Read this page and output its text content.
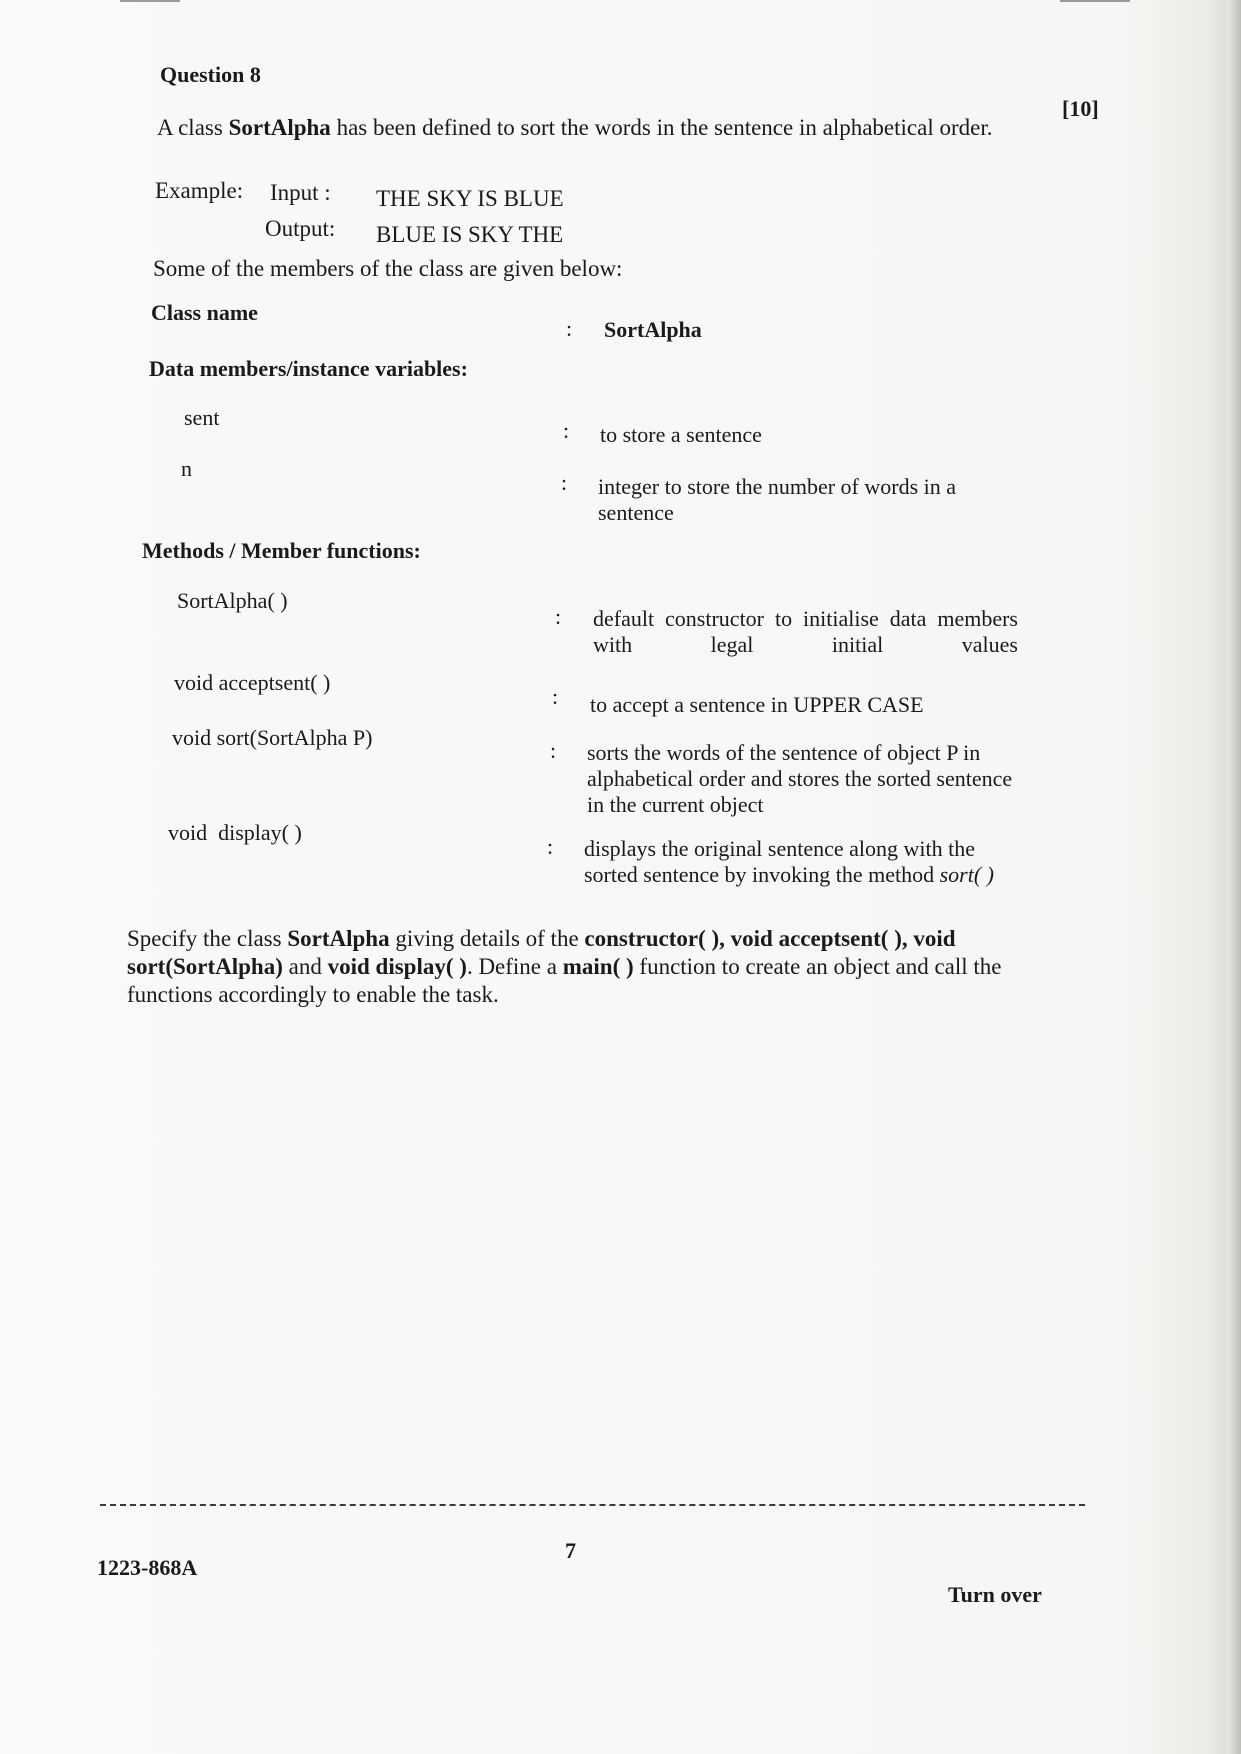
Question 8
[10]
A class SortAlpha has been defined to sort the words in the sentence in alphabetical order.
Example: Input : THE SKY IS BLUE
Output: BLUE IS SKY THE
Some of the members of the class are given below:
Class name
: SortAlpha
Data members/instance variables:
sent
: to store a sentence
n
: integer to store the number of words in a sentence
Methods / Member functions:
SortAlpha( )
: default constructor to initialise data members with legal initial values
void acceptsent( )
: to accept a sentence in UPPER CASE
void sort(SortAlpha P)
: sorts the words of the sentence of object P in alphabetical order and stores the sorted sentence in the current object
void  display( )
: displays the original sentence along with the sorted sentence by invoking the method sort( )
Specify the class SortAlpha giving details of the constructor( ), void acceptsent( ), void sort(SortAlpha) and void display( ). Define a main( ) function to create an object and call the functions accordingly to enable the task.
1223-868A
7
Turn over
